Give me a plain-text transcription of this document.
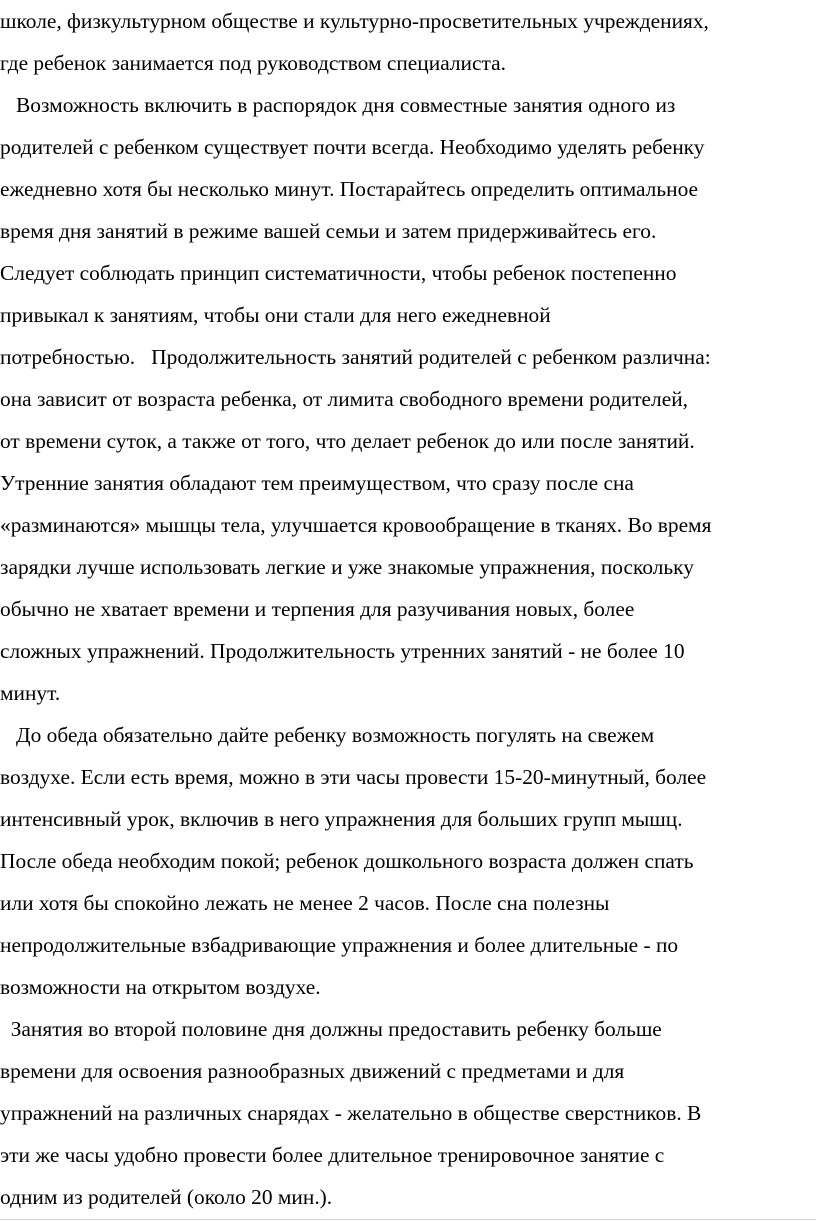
школе, физкультурном обществе и культурно-просветительных учреждениях,
где ребенок занимается под руководством специалиста.
Возможность включить в распорядок дня совместные занятия одного из
родителей с ребенком существует почти всегда. Необходимо уделять ребенку
ежедневно хотя бы несколько минут. Постарайтесь определить оптимальное
время дня занятий в режиме вашей семьи и затем придерживайтесь его.
Следует соблюдать принцип систематичности, чтобы ребенок постепенно
привыкал к занятиям, чтобы они стали для него ежедневной
потребностью.   Продолжительность занятий родителей с ребенком различна:
она зависит от возраста ребенка, от лимита свободного времени родителей,
от времени суток, а также от того, что делает ребенок до или после занятий.
Утренние занятия обладают тем преимуществом, что сразу после сна
«разминаются» мышцы тела, улучшается кровообращение в тканях. Во время
зарядки лучше использовать легкие и уже знакомые упражнения, поскольку
обычно не хватает времени и терпения для разучивания новых, более
сложных упражнений. Продолжительность утренних занятий - не более 10
минут.
До обеда обязательно дайте ребенку возможность погулять на свежем
воздухе. Если есть время, можно в эти часы провести 15-20-минутный, более
интенсивный урок, включив в него упражнения для больших групп мышц.
После обеда необходим покой; ребенок дошкольного возраста должен спать
или хотя бы спокойно лежать не менее 2 часов. После сна полезны
непродолжительные взбадривающие упражнения и более длительные - по
возможности на открытом воздухе.
Занятия во второй половине дня должны предоставить ребенку больше
времени для освоения разнообразных движений с предметами и для
упражнений на различных снарядах - желательно в обществе сверстников. В
эти же часы удобно провести более длительное тренировочное занятие с
одним из родителей (около 20 мин.).
